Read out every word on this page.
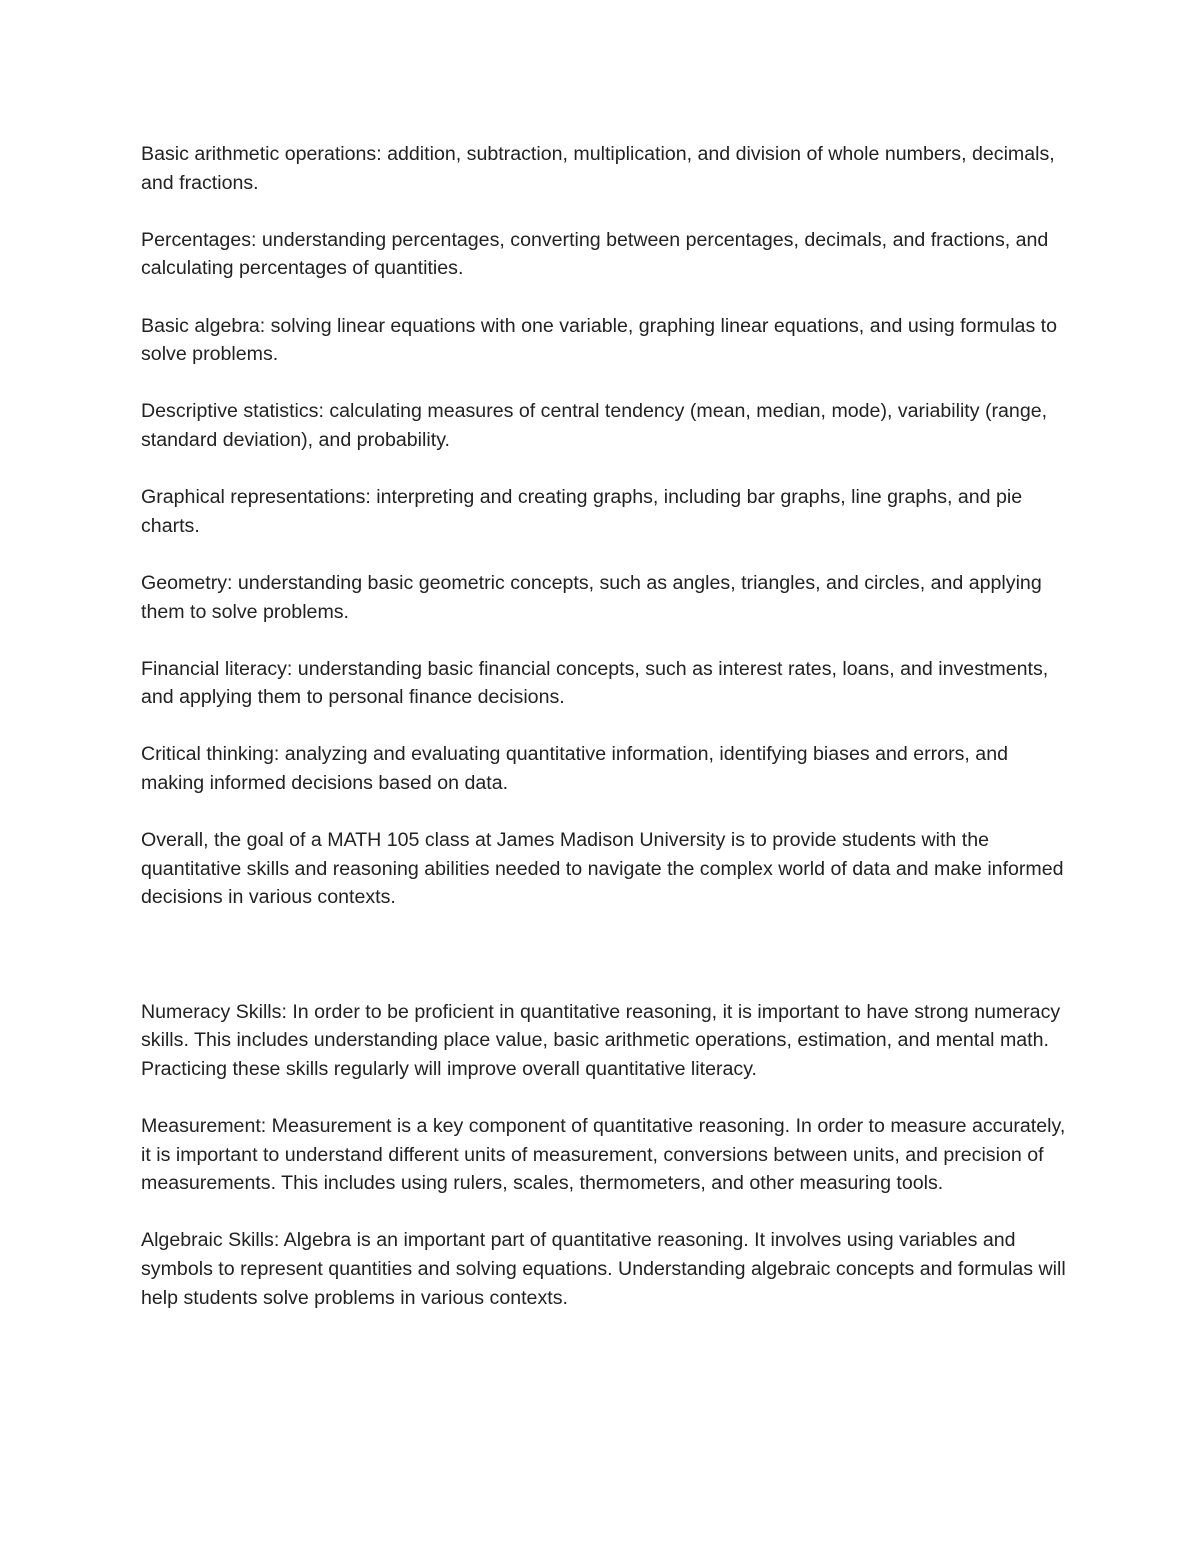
Basic arithmetic operations: addition, subtraction, multiplication, and division of whole numbers, decimals, and fractions.

Percentages: understanding percentages, converting between percentages, decimals, and fractions, and calculating percentages of quantities.

Basic algebra: solving linear equations with one variable, graphing linear equations, and using formulas to solve problems.

Descriptive statistics: calculating measures of central tendency (mean, median, mode), variability (range, standard deviation), and probability.

Graphical representations: interpreting and creating graphs, including bar graphs, line graphs, and pie charts.

Geometry: understanding basic geometric concepts, such as angles, triangles, and circles, and applying them to solve problems.

Financial literacy: understanding basic financial concepts, such as interest rates, loans, and investments, and applying them to personal finance decisions.

Critical thinking: analyzing and evaluating quantitative information, identifying biases and errors, and making informed decisions based on data.

Overall, the goal of a MATH 105 class at James Madison University is to provide students with the quantitative skills and reasoning abilities needed to navigate the complex world of data and make informed decisions in various contexts.

Numeracy Skills: In order to be proficient in quantitative reasoning, it is important to have strong numeracy skills. This includes understanding place value, basic arithmetic operations, estimation, and mental math. Practicing these skills regularly will improve overall quantitative literacy.

Measurement: Measurement is a key component of quantitative reasoning. In order to measure accurately, it is important to understand different units of measurement, conversions between units, and precision of measurements. This includes using rulers, scales, thermometers, and other measuring tools.

Algebraic Skills: Algebra is an important part of quantitative reasoning. It involves using variables and symbols to represent quantities and solving equations. Understanding algebraic concepts and formulas will help students solve problems in various contexts.
